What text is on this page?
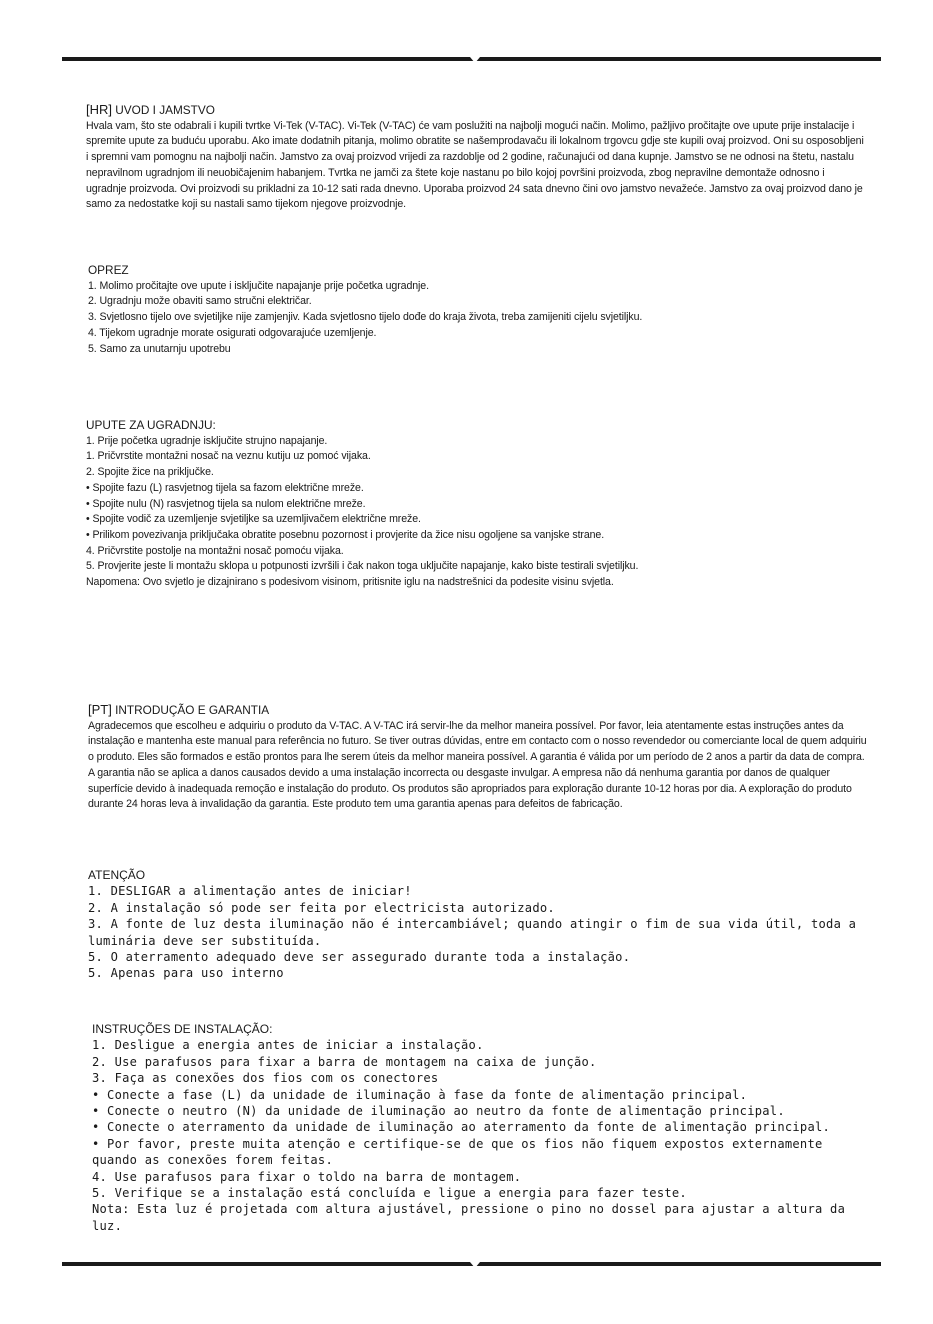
[HR] UVOD I JAMSTVO

Hvala vam, što ste odabrali i kupili tvrtke Vi-Tek (V-TAC). Vi-Tek (V-TAC) će vam poslužiti na najbolji mogući način. Molimo, pažljivo pročitajte ove upute prije instalacije i spremite upute za buduću uporabu. Ako imate dodatnih pitanja, molimo obratite se našemprodavaču ili lokalnom trgovcu gdje ste kupili ovaj proizvod. Oni su osposobljeni i spremni vam pomognu na najbolji način. Jamstvo za ovaj proizvod vrijedi za razdoblje od 2 godine, računajući od dana kupnje. Jamstvo se ne odnosi na štetu, nastalu nepravilnom ugradnjom ili neuobičajenim habanjem. Tvrtka ne jamči za štete koje nastanu po bilo kojoj površini proizvoda, zbog nepravilne demontaže odnosno i ugradnje proizvoda. Ovi proizvodi su prikladni za 10-12 sati rada dnevno. Uporaba proizvod 24 sata dnevno čini ovo jamstvo nevažeće. Jamstvo za ovaj proizvod dano je samo za nedostatke koji su nastali samo tijekom njegove proizvodnje.

OPREZ
1. Molimo pročitajte ove upute i isključite napajanje prije početka ugradnje.
2. Ugradnju može obaviti samo stručni električar.
3. Svjetlosno tijelo ove svjetiljke nije zamjenjiv. Kada svjetlosno tijelo dođe do kraja života, treba zamijeniti cijelu svjetiljku.
4. Tijekom ugradnje morate osigurati odgovarajuće uzemljenje.
5. Samo za unutarnju upotrebu
UPUTE ZA UGRADNJU:
1. Prije početka ugradnje isključite strujno napajanje.
1. Pričvrstite montažni nosač na veznu kutiju uz pomoć vijaka.
2. Spojite žice na priključke.
• Spojite fazu (L) rasvjetnog tijela sa fazom električne mreže.
• Spojite nulu (N) rasvjetnog tijela sa nulom električne mreže.
• Spojite vodič za uzemljenje svjetiljke sa uzemljivačem električne mreže.
• Prilikom povezivanja priključaka obratite posebnu pozornost i provjerite da žice nisu ogoljene sa vanjske strane.
4. Pričvrstite postolje na montažni nosač pomoću vijaka.
5. Provjerite jeste li montažu sklopa u potpunosti izvršili i čak nakon toga uključite napajanje, kako biste testirali svjetiljku.
Napomena: Ovo svjetlo je dizajnirano s podesivom visinom, pritisnite iglu na nadstrešnici da podesite visinu svjetla.
[PT] INTRODUÇÃO E GARANTIA

Agradecemos que escolheu e adquiriu o produto da V-TAC. A V-TAC irá servir-lhe da melhor maneira possível. Por favor, leia atentamente estas instruções antes da instalação e mantenha este manual para referência no futuro. Se tiver outras dúvidas, entre em contacto com o nosso revendedor ou comerciante local de quem adquiriu o produto. Eles são formados e estão prontos para lhe serem úteis da melhor maneira possível. A garantia é válida por um período de 2 anos a partir da data de compra. A garantia não se aplica a danos causados devido a uma instalação incorrecta ou desgaste invulgar. A empresa não dá nenhuma garantia por danos de qualquer superfície devido à inadequada remoção e instalação do produto. Os produtos são apropriados para exploração durante 10-12 horas por dia. A exploração do produto durante 24 horas leva à invalidação da garantia. Este produto tem uma garantia apenas para defeitos de fabricação.

ATENÇÃO
1. DESLIGAR a alimentação antes de iniciar!
2. A instalação só pode ser feita por electricista autorizado.
3. A fonte de luz desta iluminação não é intercambiável; quando atingir o fim de sua vida útil, toda a luminária deve ser substituída.
5. O aterramento adequado deve ser assegurado durante toda a instalação.
5. Apenas para uso interno
INSTRUÇÕES DE INSTALAÇÃO:
1. Desligue a energia antes de iniciar a instalação.
2. Use parafusos para fixar a barra de montagem na caixa de junção.
3. Faça as conexões dos fios com os conectores
• Conecte a fase (L) da unidade de iluminação à fase da fonte de alimentação principal.
• Conecte o neutro (N) da unidade de iluminação ao neutro da fonte de alimentação principal.
• Conecte o aterramento da unidade de iluminação ao aterramento da fonte de alimentação principal.
• Por favor, preste muita atenção e certifique-se de que os fios não fiquem expostos externamente quando as conexões forem feitas.
4. Use parafusos para fixar o toldo na barra de montagem.
5. Verifique se a instalação está concluída e ligue a energia para fazer teste.
Nota: Esta luz é projetada com altura ajustável, pressione o pino no dossel para ajustar a altura da luz.
